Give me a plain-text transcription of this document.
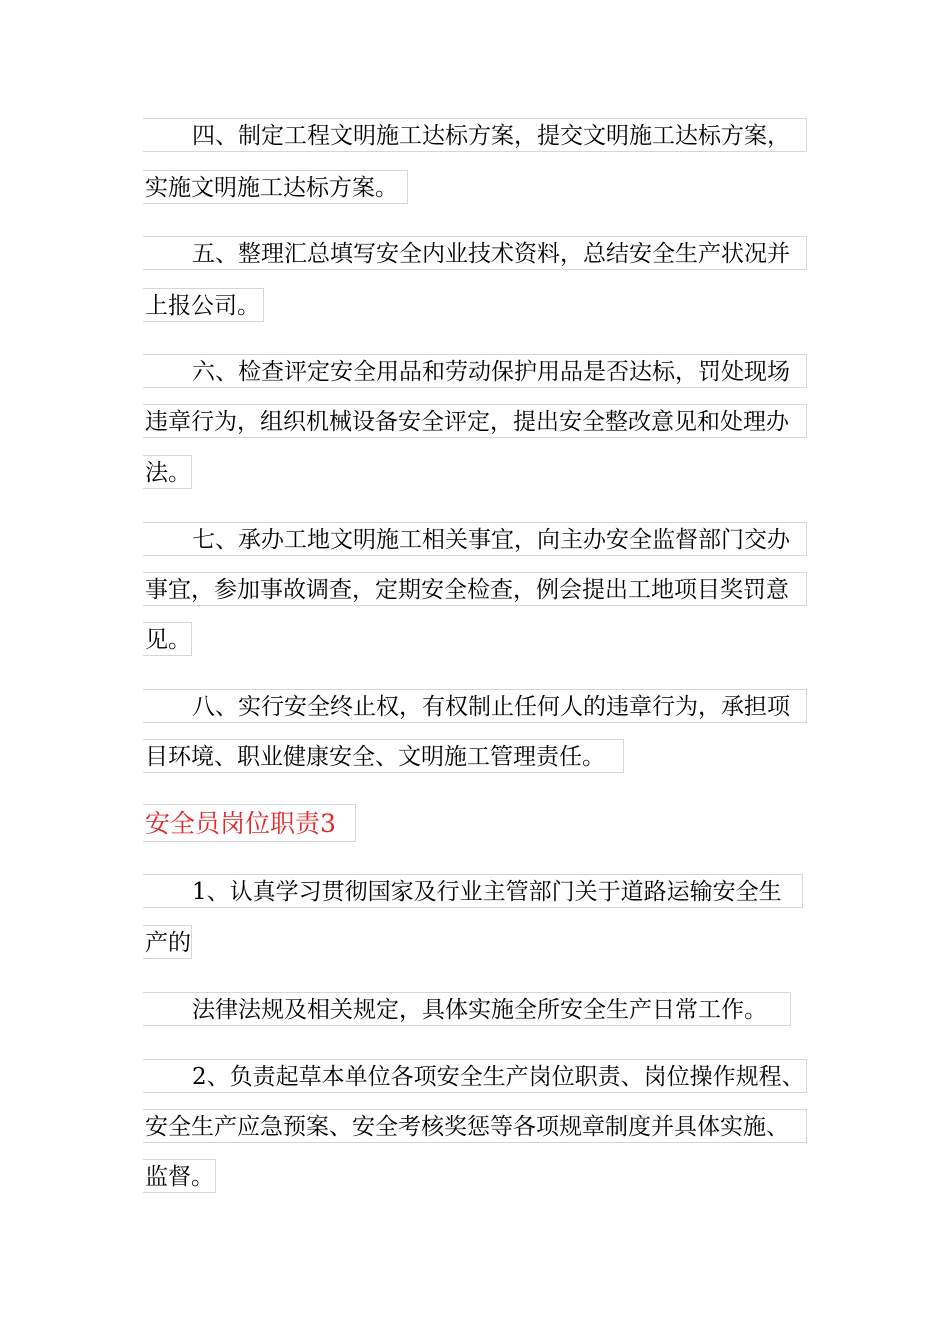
四、制定工程文明施工达标方案，提交文明施工达标方案，
实施文明施工达标方案。
五、整理汇总填写安全内业技术资料，总结安全生产状况并
上报公司。
六、检查评定安全用品和劳动保护用品是否达标，罚处现场
违章行为，组织机械设备安全评定，提出安全整改意见和处理办
法。
七、承办工地文明施工相关事宜，向主办安全监督部门交办
事宜，参加事故调查，定期安全检查，例会提出工地项目奖罚意
见。
八、实行安全终止权，有权制止任何人的违章行为，承担项
目环境、职业健康安全、文明施工管理责任。
安全员岗位职责3
1、认真学习贯彻国家及行业主管部门关于道路运输安全生
产的
法律法规及相关规定，具体实施全所安全生产日常工作。
2、负责起草本单位各项安全生产岗位职责、岗位操作规程、
安全生产应急预案、安全考核奖惩等各项规章制度并具体实施、
监督。
